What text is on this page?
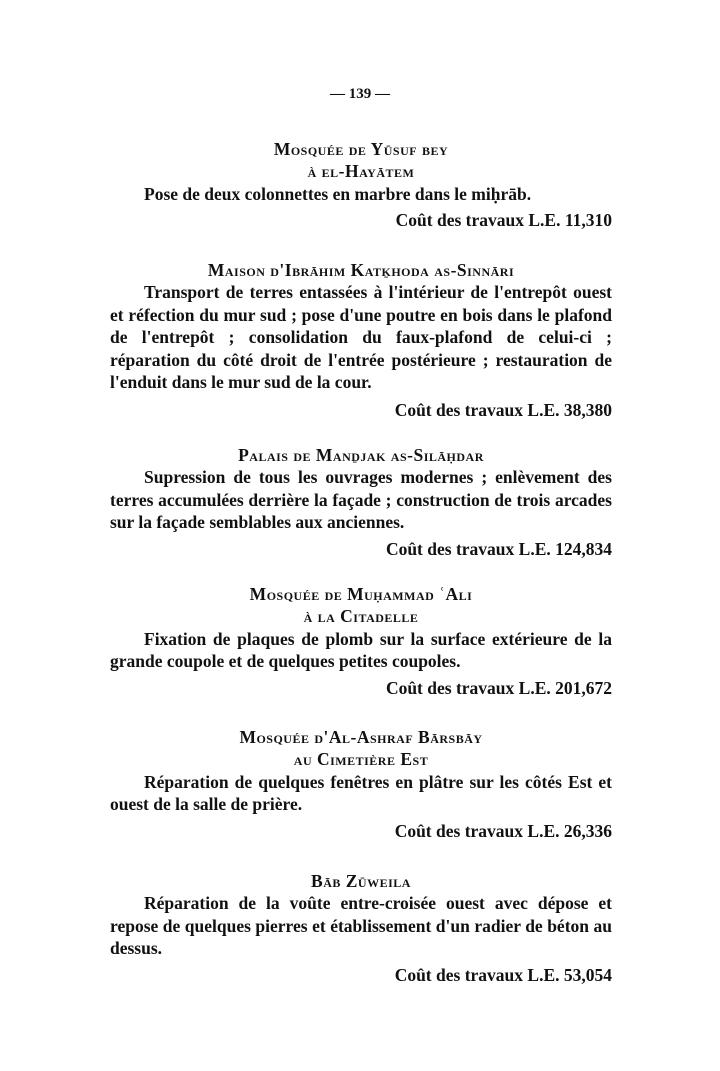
— 139 —
Mosquée de Yūsuf bey
à el-Hayātem
Pose de deux colonnettes en marbre dans le miḥrāb.
Coût des travaux L.E. 11,310
Maison d'Ibrāhim Katḵhoda as-Sinnāri
Transport de terres entassées à l'intérieur de l'entrepôt ouest et réfection du mur sud ; pose d'une poutre en bois dans le plafond de l'entrepôt ; consolidation du faux-plafond de celui-ci ; réparation du côté droit de l'entrée postérieure ; restauration de l'enduit dans le mur sud de la cour.
Coût des travaux L.E. 38,380
Palais de Manḏjak as-Silāḥdar
Supression de tous les ouvrages modernes ; enlèvement des terres accumulées derrière la façade ; construction de trois arcades sur la façade semblables aux anciennes.
Coût des travaux L.E. 124,834
Mosquée de Muḥammad ʿAli
à la Citadelle
Fixation de plaques de plomb sur la surface extérieure de la grande coupole et de quelques petites coupoles.
Coût des travaux L.E. 201,672
Mosquée d'Al-Ashraf Bārsbāy
au Cimetière Est
Réparation de quelques fenêtres en plâtre sur les côtés Est et ouest de la salle de prière.
Coût des travaux L.E. 26,336
Bāb Zūweila
Réparation de la voûte entre-croisée ouest avec dépose et repose de quelques pierres et établissement d'un radier de béton au dessus.
Coût des travaux L.E. 53,054
